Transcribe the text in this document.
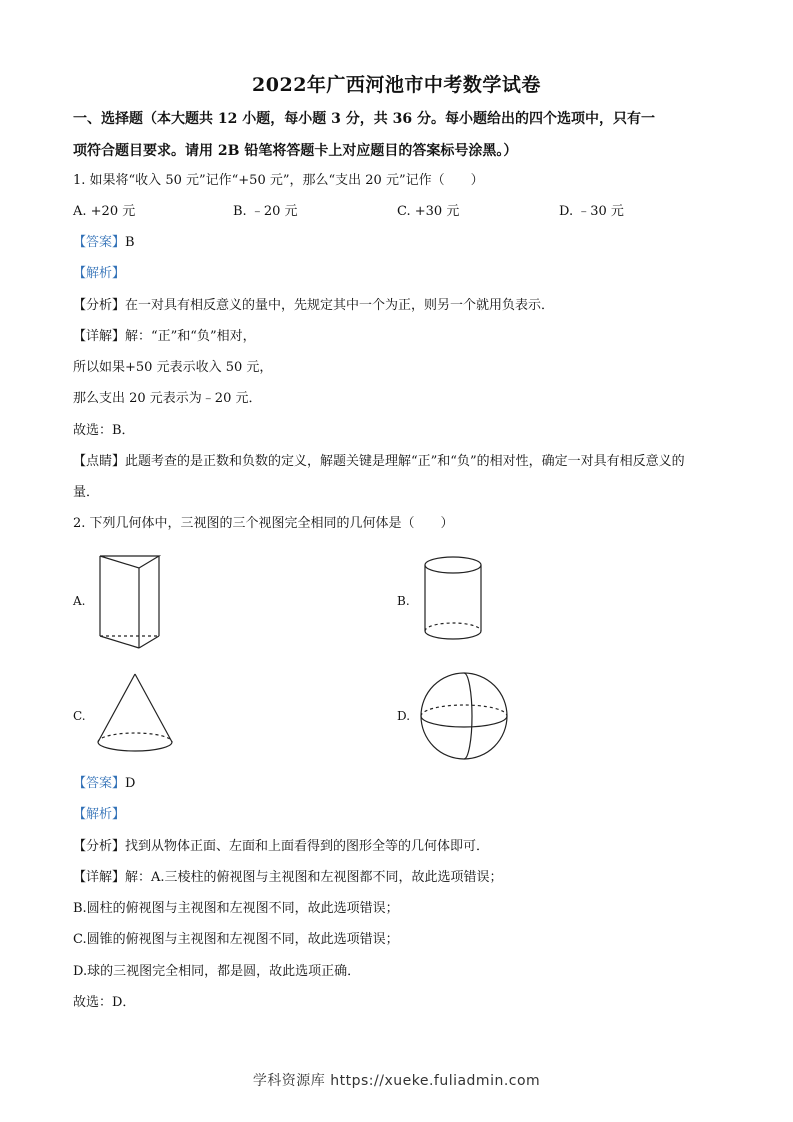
2022年广西河池市中考数学试卷
一、选择题（本大题共 12 小题，每小题 3 分，共 36 分。每小题给出的四个选项中，只有一
项符合题目要求。请用 2B 铅笔将答题卡上对应题目的答案标号涂黑。）
1. 如果将“收入 50 元”记作“+50 元”，那么“支出 20 元”记作（　　）
A. +20 元	B. ﹣20 元	C. +30 元	D. ﹣30 元
【答案】B
【解析】
【分析】在一对具有相反意义的量中，先规定其中一个为正，则另一个就用负表示．
【详解】解：“正”和“负”相对，
所以如果+50 元表示收入 50 元，
那么支出 20 元表示为﹣20 元．
故选：B．
【点睛】此题考查的是正数和负数的定义，解题关键是理解“正”和“负”的相对性，确定一对具有相反意义的
量．
2. 下列几何体中，三视图的三个视图完全相同的几何体是（　　）
A.	B.
C.	D.
【答案】D
【解析】
【分析】找到从物体正面、左面和上面看得到的图形全等的几何体即可．
【详解】解：A.三棱柱的俯视图与主视图和左视图都不同，故此选项错误；
B.圆柱的俯视图与主视图和左视图不同，故此选项错误；
C.圆锥的俯视图与主视图和左视图不同，故此选项错误；
D.球的三视图完全相同，都是圆，故此选项正确．
故选：D．
学科资源库 https://xueke.fuliadmin.com
